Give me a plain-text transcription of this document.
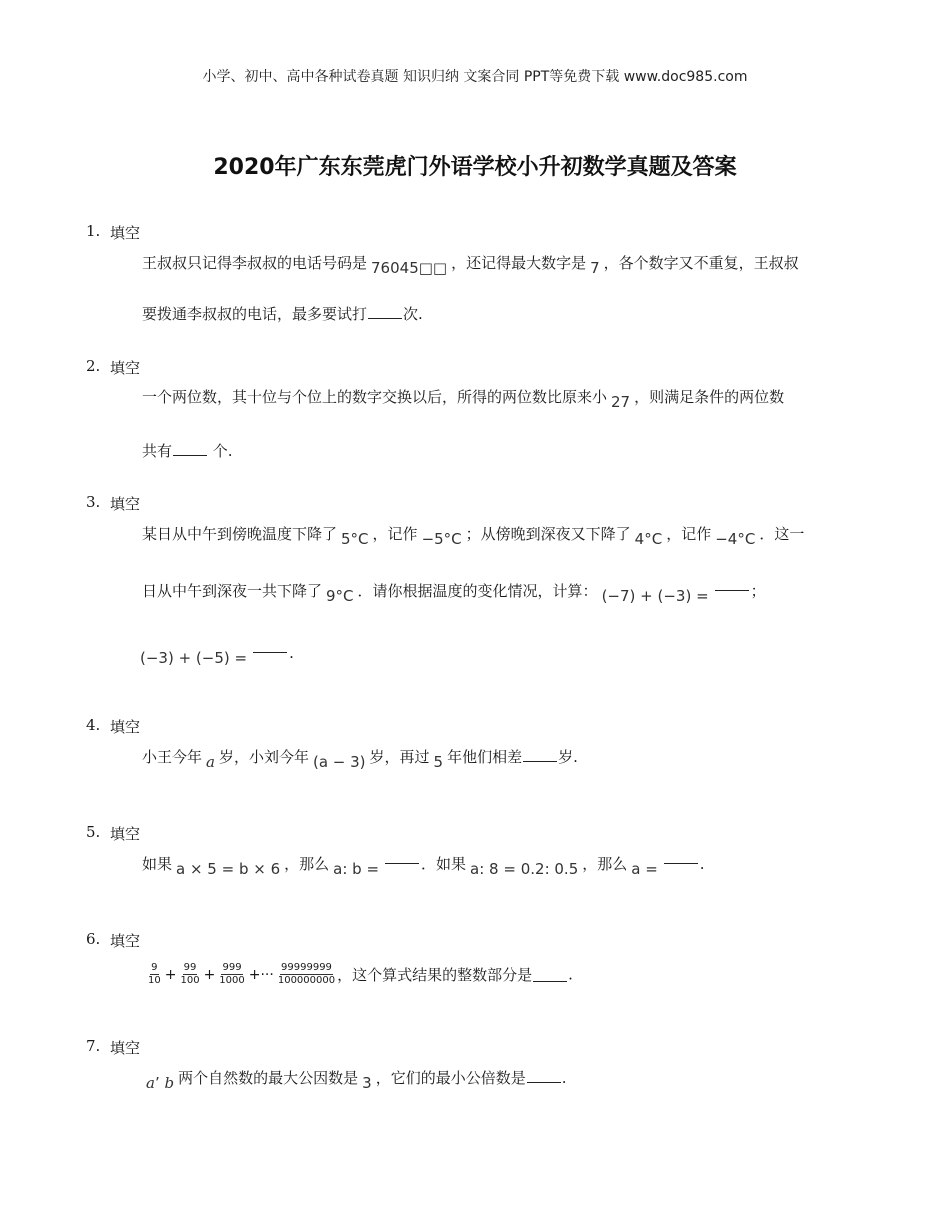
小学、初中、高中各种试卷真题 知识归纳 文案合同 PPT等免费下载 www.doc985.com
2020年广东东莞虎门外语学校小升初数学真题及答案
1. 填空
王叔叔只记得李叔叔的电话号码是 76045□□ ，还记得最大数字是 7 ，各个数字又不重复，王叔叔
要拨通李叔叔的电话，最多要试打 次.
2. 填空
一个两位数，其十位与个位上的数字交换以后，所得的两位数比原来小 27 ，则满足条件的两位数
共有	个.
3. 填空
某日从中午到傍晚温度下降了 5°C ，记作 −5°C ；从傍晚到深夜又下降了 4°C ，记作 −4°C ．这一
日从中午到深夜一共下降了 9°C ．请你根据温度的变化情况，计算： (−7) + (−3) =	；
(−3) + (−5) =	.
4. 填空
小王今年 a 岁，小刘今年 (a − 3) 岁，再过 5 年他们相差 岁.
5. 填空
如果 a × 5 = b × 6 ，那么 a: b =	．如果 a: 8 = 0.2: 0.5 ，那么 a =	.
6. 填空
$\frac{9}{10} + \frac{99}{100} + \frac{999}{1000}$ +··· $\frac{99999999}{100000000}$ ，这个算式结果的整数部分是 .
7. 填空
a’ b 两个自然数的最大公因数是 3 ，它们的最小公倍数是 .
